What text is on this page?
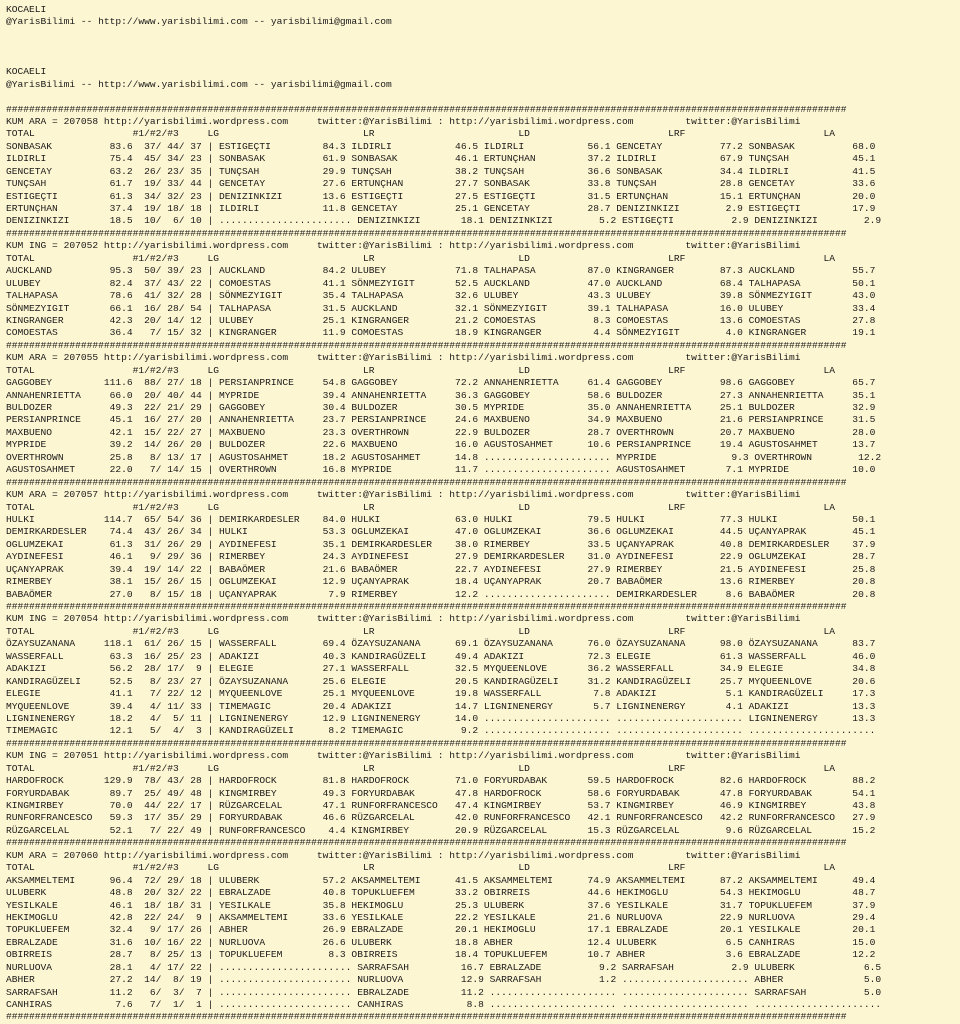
KOCAELI
@YarisBilimi -- http://www.yarisbilimi.com -- yarisbilimi@gmail.com
KOCAELI
@YarisBilimi -- http://www.yarisbilimi.com -- yarisbilimi@gmail.com
##################################################################################################################################################
KUM ARA = 207058 http://yarisbilimi.wordpress.com     twitter:@YarisBilimi : http://yarisbilimi.wordpress.com         twitter:@YarisBilimi
TOTAL                 #1/#2/#3     LG                         LR                         LD                        LRF                        LA
SONBASAK          83.6  37/ 44/ 37 | ESTIGEÇTI         84.3 ILDIRLI           46.5 ILDIRLI           56.1 GENCETAY          77.2 SONBASAK          68.0
ILDIRLI           75.4  45/ 34/ 23 | SONBASAK          61.9 SONBASAK          46.1 ERTUNÇHAN         37.2 ILDIRLI           67.9 TUNÇSAH           45.1
GENCETAY          63.2  26/ 23/ 35 | TUNÇSAH           29.9 TUNÇSAH           38.2 TUNÇSAH           36.6 SONBASAK          34.4 ILDIRLI           41.5
TUNÇSAH           61.7  19/ 33/ 44 | GENCETAY          27.6 ERTUNÇHAN         27.7 SONBASAK          33.8 TUNÇSAH           28.8 GENCETAY          33.6
ESTIGEÇTI         61.3  34/ 32/ 23 | DENIZINKIZI       13.6 ESTIGEÇTI         27.5 ESTIGEÇTI         31.5 ERTUNÇHAN         15.1 ERTUNÇHAN         20.0
ERTUNÇHAN         37.4  19/ 18/ 18 | ILDIRLI           11.8 GENCETAY          25.1 GENCETAY          28.7 DENIZINKIZI        2.9 ESTIGEÇTI         17.9
DENIZINKIZI       18.5  10/  6/ 10 | ....................... DENIZINKIZI       18.1 DENIZINKIZI        5.2 ESTIGEÇTI          2.9 DENIZINKIZI        2.9
##################################################################################################################################################
KUM ING = 207052 http://yarisbilimi.wordpress.com     twitter:@YarisBilimi : http://yarisbilimi.wordpress.com         twitter:@YarisBilimi
TOTAL                 #1/#2/#3     LG                         LR                         LD                        LRF                        LA
AUCKLAND          95.3  50/ 39/ 23 | AUCKLAND          84.2 ULUBEY            71.8 TALHAPASA         87.0 KINGRANGER        87.3 AUCKLAND          55.7
ULUBEY            82.4  37/ 43/ 22 | COMOESTAS         41.1 SÖNMEZYIGIT       52.5 AUCKLAND          47.0 AUCKLAND          68.4 TALHAPASA         50.1
TALHAPASA         78.6  41/ 32/ 28 | SÖNMEZYIGIT       35.4 TALHAPASA         32.6 ULUBEY            43.3 ULUBEY            39.8 SÖNMEZYIGIT       43.0
SÖNMEZYIGIT       66.1  16/ 28/ 54 | TALHAPASA         31.5 AUCKLAND          32.1 SÖNMEZYIGIT       39.1 TALHAPASA         16.0 ULUBEY            33.4
KINGRANGER        42.3  20/ 14/ 12 | ULUBEY            25.1 KINGRANGER        21.2 COMOESTAS          8.3 COMOESTAS         13.6 COMOESTAS         27.8
COMOESTAS         36.4   7/ 15/ 32 | KINGRANGER        11.9 COMOESTAS         18.9 KINGRANGER         4.4 SÖNMEZYIGIT        4.0 KINGRANGER        19.1
##################################################################################################################################################
KUM ARA = 207055 http://yarisbilimi.wordpress.com     twitter:@YarisBilimi : http://yarisbilimi.wordpress.com         twitter:@YarisBilimi
TOTAL                 #1/#2/#3     LG                         LR                         LD                        LRF                        LA
GAGGOBEY         111.6  88/ 27/ 18 | PERSIANPRINCE     54.8 GAGGOBEY          72.2 ANNAHENRIETTA     61.4 GAGGOBEY          98.6 GAGGOBEY          65.7
ANNAHENRIETTA     66.0  20/ 40/ 44 | MYPRIDE           39.4 ANNAHENRIETTA     36.3 GAGGOBEY          58.6 BULDOZER          27.3 ANNAHENRIETTA     35.1
BULDOZER          49.3  22/ 21/ 29 | GAGGOBEY          30.4 BULDOZER          30.5 MYPRIDE           35.0 ANNAHENRIETTA     25.1 BULDOZER          32.9
PERSIANPRINCE     45.1  16/ 27/ 20 | ANNAHENRIETTA     23.7 PERSIANPRINCE     24.6 MAXBUENO          34.9 MAXBUENO          21.6 PERSIANPRINCE     31.5
MAXBUENO          42.1  15/ 22/ 27 | MAXBUENO          23.3 OVERTHROWN        22.9 BULDOZER          28.7 OVERTHROWN        20.7 MAXBUENO          28.0
MYPRIDE           39.2  14/ 26/ 20 | BULDOZER          22.6 MAXBUENO          16.0 AGUSTOSAHMET      10.6 PERSIANPRINCE     19.4 AGUSTOSAHMET      13.7
OVERTHROWN        25.8   8/ 13/ 17 | AGUSTOSAHMET      18.2 AGUSTOSAHMET      14.8 ...................... MYPRIDE             9.3 OVERTHROWN        12.2
AGUSTOSAHMET      22.0   7/ 14/ 15 | OVERTHROWN        16.8 MYPRIDE           11.7 ...................... AGUSTOSAHMET       7.1 MYPRIDE           10.0
##################################################################################################################################################
KUM ARA = 207057 http://yarisbilimi.wordpress.com     twitter:@YarisBilimi : http://yarisbilimi.wordpress.com         twitter:@YarisBilimi
TOTAL                 #1/#2/#3     LG                         LR                         LD                        LRF                        LA
HULKI            114.7  65/ 54/ 36 | DEMIRKARDESLER    84.0 HULKI             63.0 HULKI             79.5 HULKI             77.3 HULKI             50.1
DEMIRKARDESLER    74.4  43/ 26/ 34 | HULKI             53.3 OGLUMZEKAI        47.0 OGLUMZEKAI        36.6 OGLUMZEKAI        44.5 UÇANYAPRAK        45.1
OGLUMZEKAI        61.3  31/ 26/ 29 | AYDINEFESI        35.1 DEMIRKARDESLER    38.0 RIMERBEY          33.5 UÇANYAPRAK        40.8 DEMIRKARDESLER    37.9
AYDINEFESI        46.1   9/ 29/ 36 | RIMERBEY          24.3 AYDINEFESI        27.9 DEMIRKARDESLER    31.0 AYDINEFESI        22.9 OGLUMZEKAI        28.7
UÇANYAPRAK        39.4  19/ 14/ 22 | BABAÖMER          21.6 BABAÖMER          22.7 AYDINEFESI        27.9 RIMERBEY          21.5 AYDINEFESI        25.8
RIMERBEY          38.1  15/ 26/ 15 | OGLUMZEKAI        12.9 UÇANYAPRAK        18.4 UÇANYAPRAK        20.7 BABAÖMER          13.6 RIMERBEY          20.8
BABAÖMER          27.0   8/ 15/ 18 | UÇANYAPRAK         7.9 RIMERBEY          12.2 ...................... DEMIRKARDESLER     8.6 BABAÖMER          20.8
##################################################################################################################################################
KUM ING = 207054 http://yarisbilimi.wordpress.com     twitter:@YarisBilimi : http://yarisbilimi.wordpress.com         twitter:@YarisBilimi
TOTAL                 #1/#2/#3     LG                         LR                         LD                        LRF                        LA
ÖZAYSUZANANA     118.1  61/ 26/ 15 | WASSERFALL        69.4 ÖZAYSUZANANA      69.1 ÖZAYSUZANANA      76.0 ÖZAYSUZANANA      98.0 ÖZAYSUZANANA      83.7
WASSERFALL        63.3  16/ 25/ 23 | ADAKIZI           40.3 KANDIRAGÜZELI     49.4 ADAKIZI           72.3 ELEGIE            61.3 WASSERFALL        46.0
ADAKIZI           56.2  28/ 17/  9 | ELEGIE            27.1 WASSERFALL        32.5 MYQUEENLOVE       36.2 WASSERFALL        34.9 ELEGIE            34.8
KANDIRAGÜZELI     52.5   8/ 23/ 27 | ÖZAYSUZANANA      25.6 ELEGIE            20.5 KANDIRAGÜZELI     31.2 KANDIRAGÜZELI     25.7 MYQUEENLOVE       20.6
ELEGIE            41.1   7/ 22/ 12 | MYQUEENLOVE       25.1 MYQUEENLOVE       19.8 WASSERFALL         7.8 ADAKIZI            5.1 KANDIRAGÜZELI     17.3
MYQUEENLOVE       39.4   4/ 11/ 33 | TIMEMAGIC         20.4 ADAKIZI           14.7 LIGNINENERGY       5.7 LIGNINENERGY       4.1 ADAKIZI           13.3
LIGNINENERGY      18.2   4/  5/ 11 | LIGNINENERGY      12.9 LIGNINENERGY      14.0 ...................... ...................... LIGNINENERGY      13.3
TIMEMAGIC         12.1   5/  4/  3 | KANDIRAGÜZELI      8.2 TIMEMAGIC          9.2 ...................... ...................... ......................
##################################################################################################################################################
KUM ING = 207051 http://yarisbilimi.wordpress.com     twitter:@YarisBilimi : http://yarisbilimi.wordpress.com         twitter:@YarisBilimi
TOTAL                 #1/#2/#3     LG                         LR                         LD                        LRF                        LA
HARDOFROCK       129.9  78/ 43/ 28 | HARDOFROCK        81.8 HARDOFROCK        71.0 FORYURDABAK       59.5 HARDOFROCK        82.6 HARDOFROCK        88.2
FORYURDABAK       89.7  25/ 49/ 48 | KINGMIRBEY        49.3 FORYURDABAK       47.8 HARDOFROCK        58.6 FORYURDABAK       47.8 FORYURDABAK       54.1
KINGMIRBEY        70.0  44/ 22/ 17 | RÜZGARCELAL       47.1 RUNFORFRANCESCO   47.4 KINGMIRBEY        53.7 KINGMIRBEY        46.9 KINGMIRBEY        43.8
RUNFORFRANCESCO   59.3  17/ 35/ 29 | FORYURDABAK       46.6 RÜZGARCELAL       42.0 RUNFORFRANCESCO   42.1 RUNFORFRANCESCO   42.2 RUNFORFRANCESCO   27.9
RÜZGARCELAL       52.1   7/ 22/ 49 | RUNFORFRANCESCO    4.4 KINGMIRBEY        20.9 RÜZGARCELAL       15.3 RÜZGARCELAL        9.6 RÜZGARCELAL       15.2
##################################################################################################################################################
KUM ARA = 207060 http://yarisbilimi.wordpress.com     twitter:@YarisBilimi : http://yarisbilimi.wordpress.com         twitter:@YarisBilimi
TOTAL                 #1/#2/#3     LG                         LR                         LD                        LRF                        LA
AKSAMMELTEMI      96.4  72/ 29/ 18 | ULUBERK           57.2 AKSAMMELTEMI      41.5 AKSAMMELTEMI      74.9 AKSAMMELTEMI      87.2 AKSAMMELTEMI      49.4
ULUBERK           48.8  20/ 32/ 22 | EBRALZADE         40.8 TOPUKLUEFEM       33.2 OBIRREIS          44.6 HEKIMOGLU         54.3 HEKIMOGLU         48.7
YESILKALE         46.1  18/ 18/ 31 | YESILKALE         35.8 HEKIMOGLU         25.3 ULUBERK           37.6 YESILKALE         31.7 TOPUKLUEFEM       37.9
HEKIMOGLU         42.8  22/ 24/  9 | AKSAMMELTEMI      33.6 YESILKALE         22.2 YESILKALE         21.6 NURLUOVA          22.9 NURLUOVA          29.4
TOPUKLUEFEM       32.4   9/ 17/ 26 | ABHER             26.9 EBRALZADE         20.1 HEKIMOGLU         17.1 EBRALZADE         20.1 YESILKALE         20.1
EBRALZADE         31.6  10/ 16/ 22 | NURLUOVA          26.6 ULUBERK           18.8 ABHER             12.4 ULUBERK            6.5 CANHIRAS          15.0
OBIRREIS          28.7   8/ 25/ 13 | TOPUKLUEFEM        8.3 OBIRREIS          18.4 TOPUKLUEFEM       10.7 ABHER              3.6 EBRALZADE         12.2
NURLUOVA          28.1   4/ 17/ 22 | ....................... SARRAFSAH         16.7 EBRALZADE          9.2 SARRAFSAH          2.9 ULUBERK            6.5
ABHER             27.2  14/  8/ 19 | ....................... NURLUOVA          12.9 SARRAFSAH          1.2 ...................... ABHER              5.0
SARRAFSAH         11.2   6/  3/  7 | ....................... EBRALZADE         11.2 ...................... ...................... SARRAFSAH          5.0
CANHIRAS           7.6   7/  1/  1 | ....................... CANHIRAS           8.8 ...................... ...................... ......................
##################################################################################################################################################
